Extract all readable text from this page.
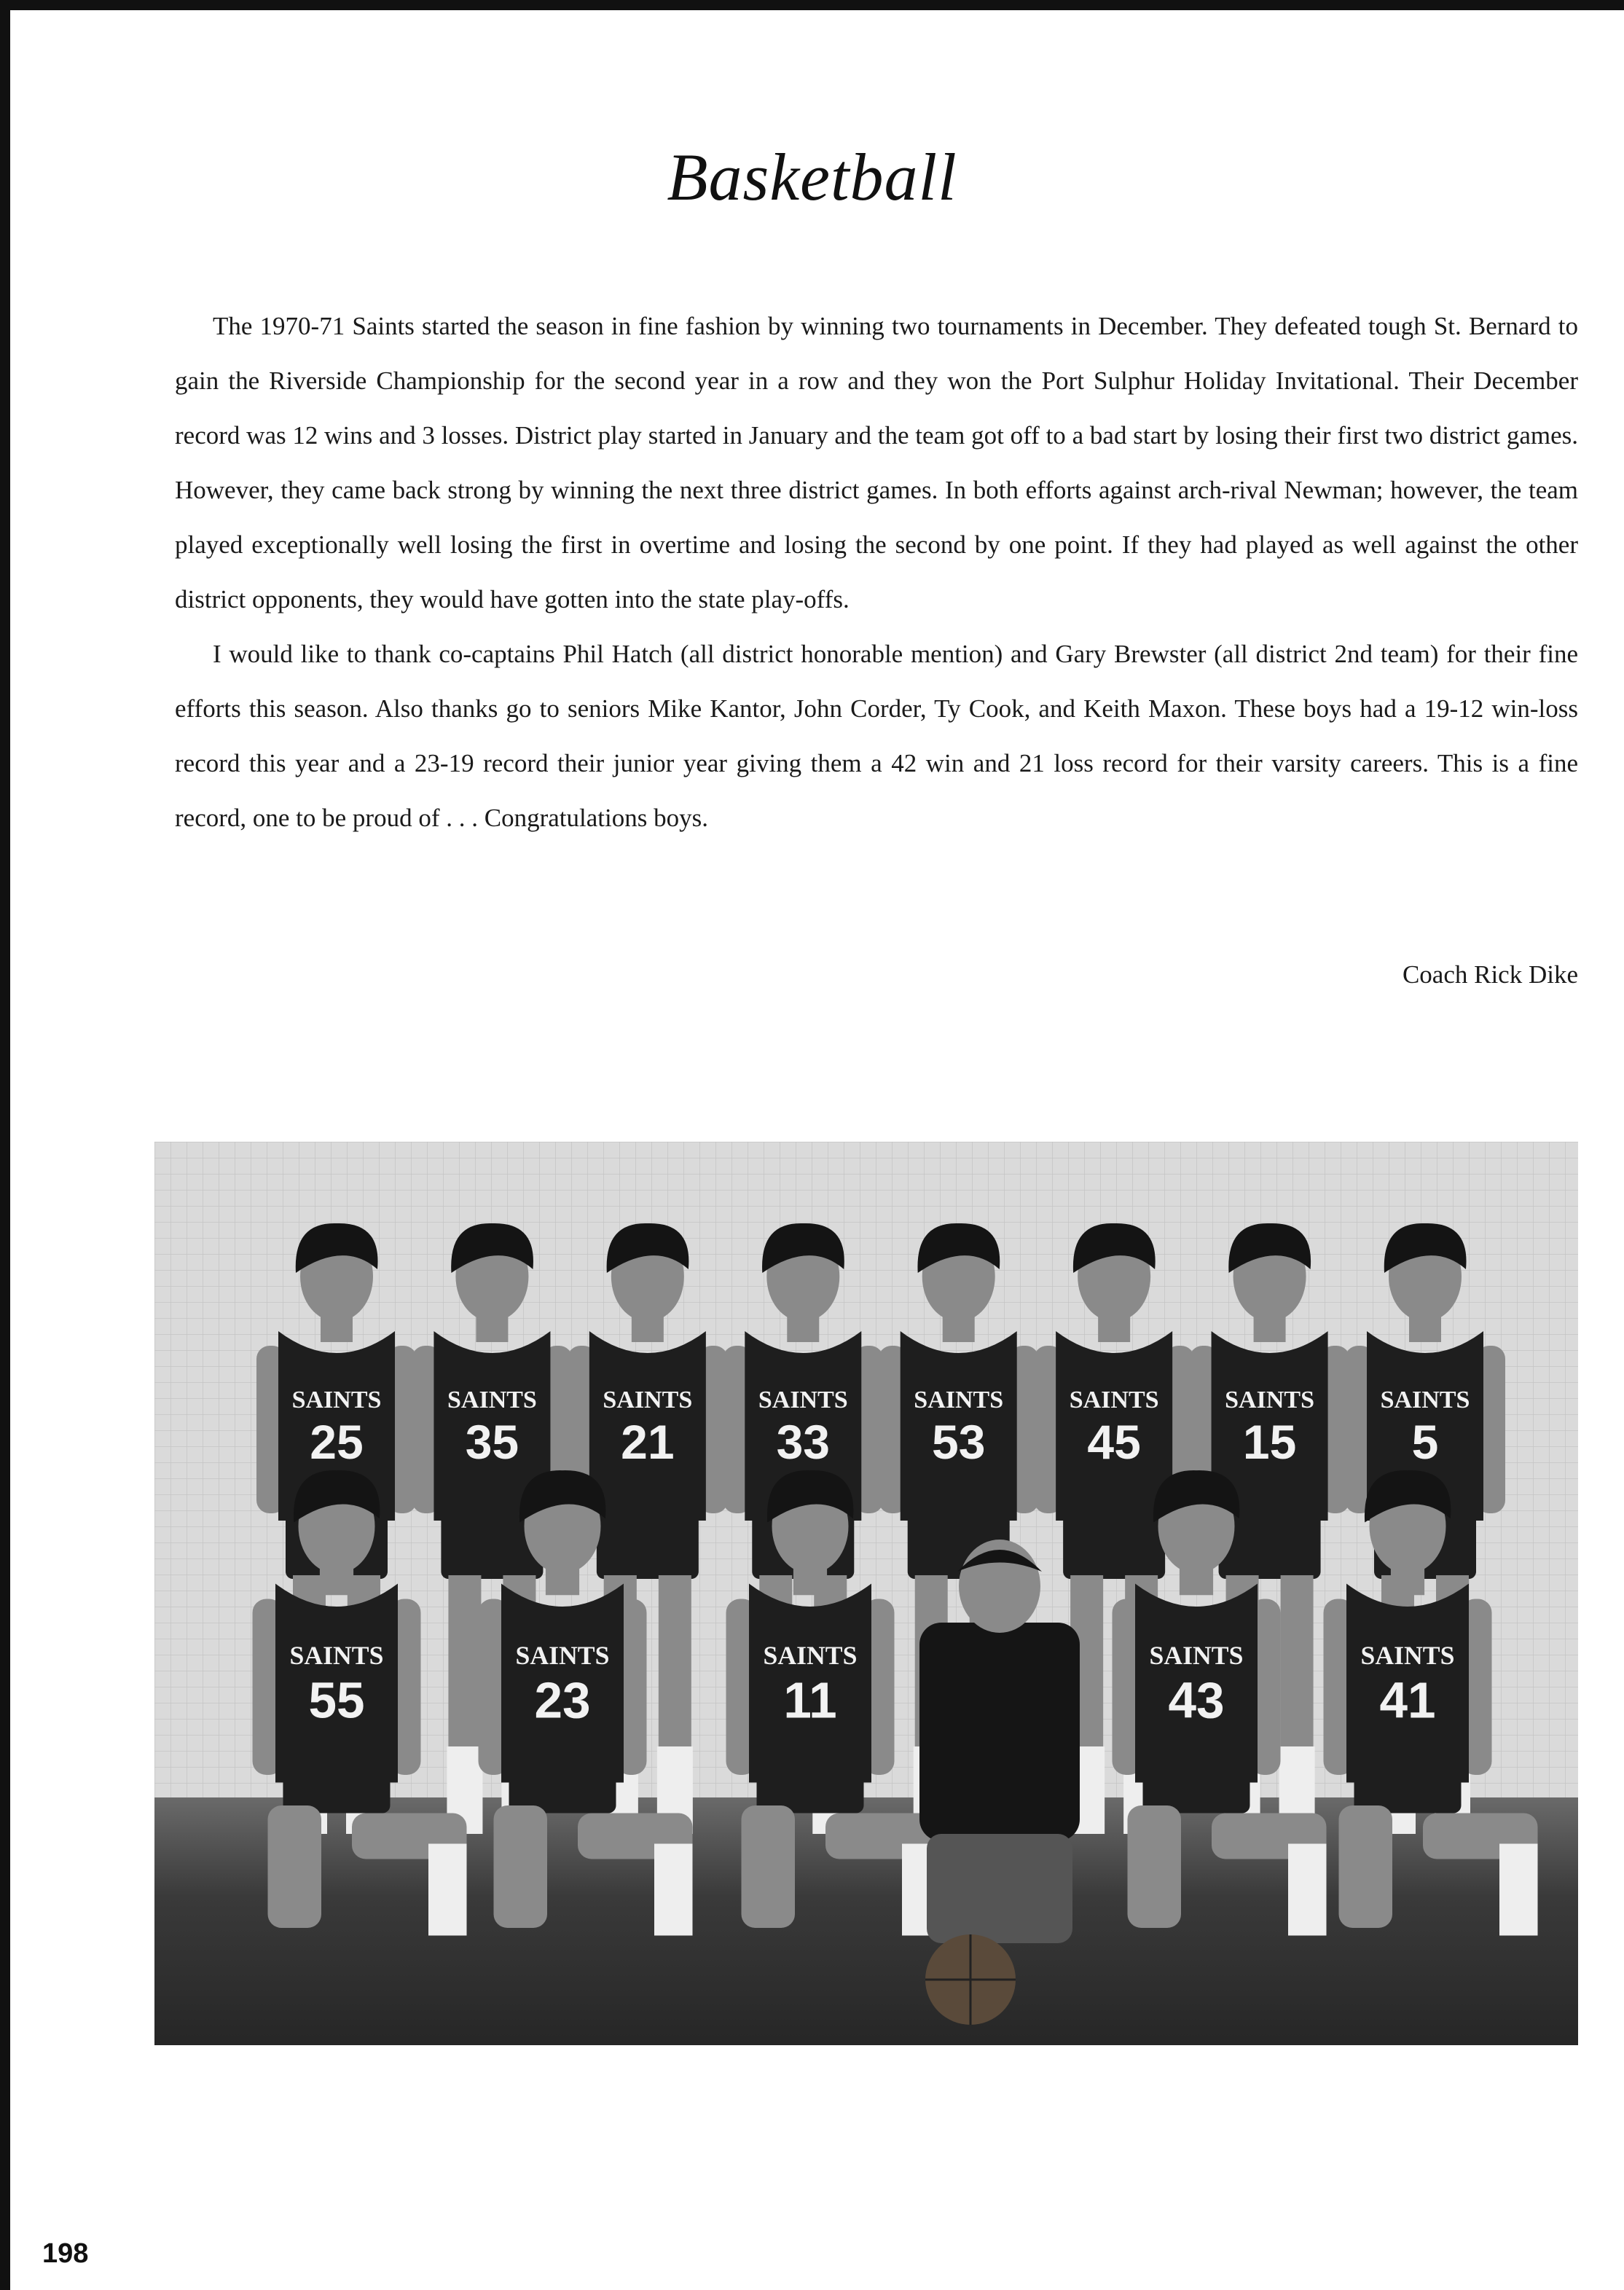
Basketball

The 1970-71 Saints started the season in fine fashion by winning two tournaments in December. They defeated tough St. Bernard to gain the Riverside Championship for the second year in a row and they won the Port Sulphur Holiday Invitational. Their December record was 12 wins and 3 losses. District play started in January and the team got off to a bad start by losing their first two district games. However, they came back strong by winning the next three district games. In both efforts against arch-rival Newman; however, the team played exceptionally well losing the first in overtime and losing the second by one point. If they had played as well against the other district opponents, they would have gotten into the state play-offs.

I would like to thank co-captains Phil Hatch (all district honorable mention) and Gary Brewster (all district 2nd team) for their fine efforts this season. Also thanks go to seniors Mike Kantor, John Corder, Ty Cook, and Keith Maxon. These boys had a 19-12 win-loss record this year and a 23-19 record their junior year giving them a 42 win and 21 loss record for their varsity careers. This is a fine record, one to be proud of . . . Congratulations boys.

Coach Rick Dike
SAINTS
25
SAINTS
35
SAINTS
21
SAINTS
33
SAINTS
53
SAINTS
45
SAINTS
15
SAINTS
5
SAINTS
55
SAINTS
23
SAINTS
11
SAINTS
43
SAINTS
41
198
